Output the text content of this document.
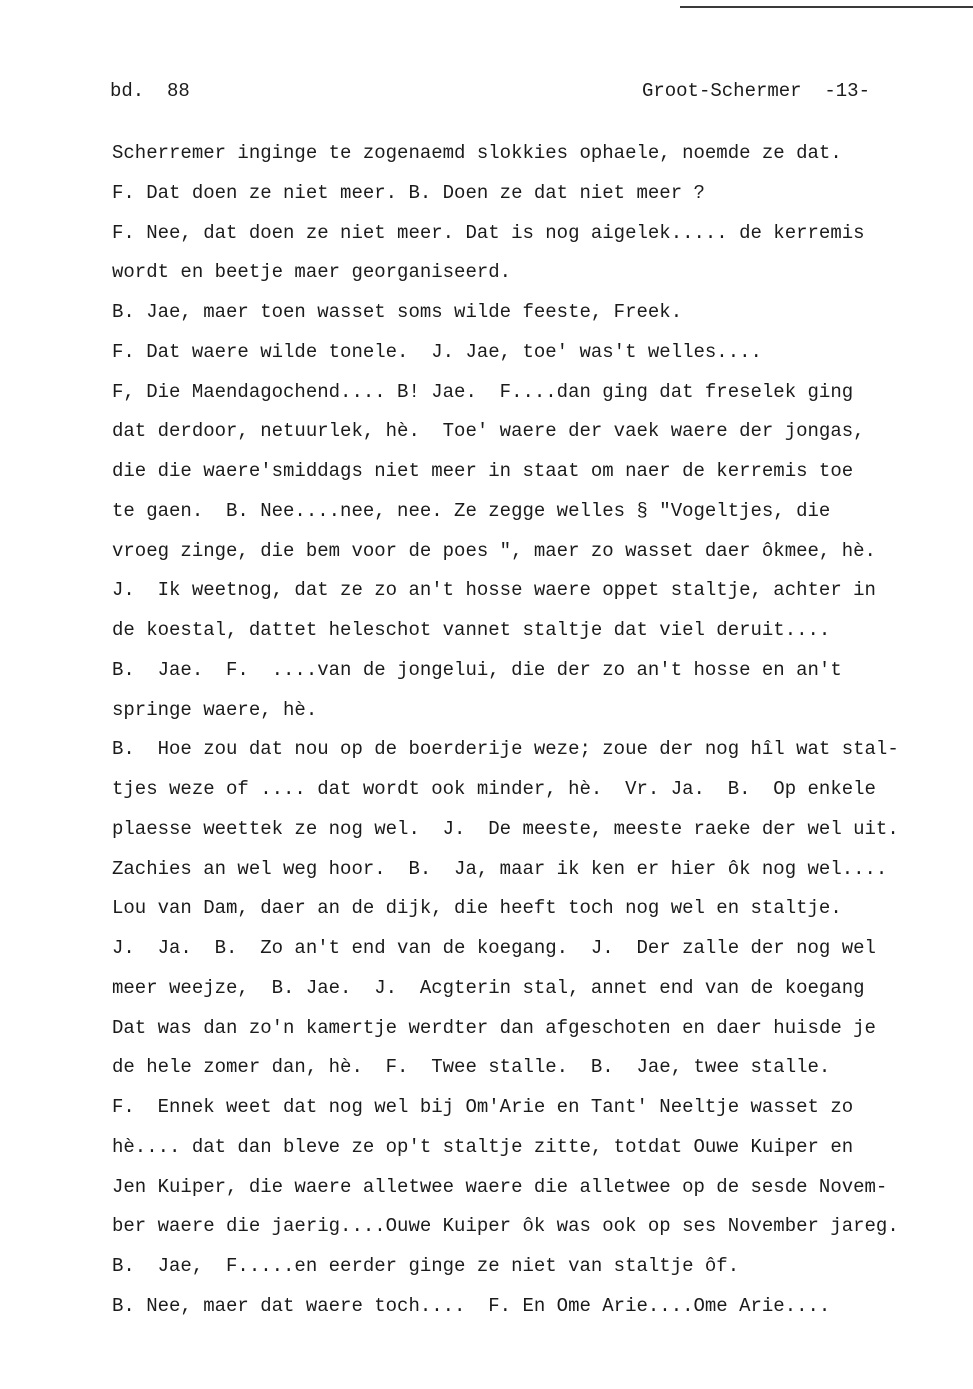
bd.  88	Groot-Schermer  -13-
Scherremer inginge te zogenaemd slokkies ophaele, noemde ze dat.
F. Dat doen ze niet meer. B. Doen ze dat niet meer ?
F. Nee, dat doen ze niet meer. Dat is nog aigelek..... de kerremis
wordt en beetje maer georganiseerd.
B. Jae, maer toen wasset soms wilde feeste, Freek.
F. Dat waere wilde tonele.  J. Jae, toe' was't welles....
F, Die Maendagochend.... B! Jae.  F....dan ging dat freselek ging
dat derdoor, netuurlek, hè.  Toe' waere der vaek waere der jongas,
die die waere'smiddags niet meer in staat om naer de kerremis toe
te gaen.  B. Nee....nee, nee. Ze zegge welles § "Vogeltjes, die
vroeg zinge, die bem voor de poes ", maer zo wasset daer ôkmee, hè.
J.  Ik weetnog, dat ze zo an't hosse waere oppet staltje, achter in
de koestal, dattet heleschot vannet staltje dat viel deruit....
B.  Jae.  F.  ....van de jongelui, die der zo an't hosse en an't
springe waere, hè.
B.  Hoe zou dat nou op de boerderije weze; zoue der nog hîl wat stal-
tjes weze of .... dat wordt ook minder, hè.  Vr. Ja.  B.  Op enkele
plaesse weettek ze nog wel.  J.  De meeste, meeste raeke der wel uit.
Zachies an wel weg hoor.  B.  Ja, maar ik ken er hier ôk nog wel....
Lou van Dam, daer an de dijk, die heeft toch nog wel en staltje.
J.  Ja.  B.  Zo an't end van de koegang.  J.  Der zalle der nog wel
meer weejze,  B. Jae.  J.  Acgterin stal, annet end van de koegang
Dat was dan zo'n kamertje werdter dan afgeschoten en daer huisde je
de hele zomer dan, hè.  F.  Twee stalle.  B.  Jae, twee stalle.
F.  Ennek weet dat nog wel bij Om'Arie en Tant' Neeltje wasset zo
hè.... dat dan bleve ze op't staltje zitte, totdat Ouwe Kuiper en
Jen Kuiper, die waere alletwee waere die alletwee op de sesde Novem-
ber waere die jaerig....Ouwe Kuiper ôk was ook op ses November jareg.
B.  Jae,  F.....en eerder ginge ze niet van staltje ôf.
B. Nee, maer dat waere toch....  F. En Ome Arie....Ome Arie....
